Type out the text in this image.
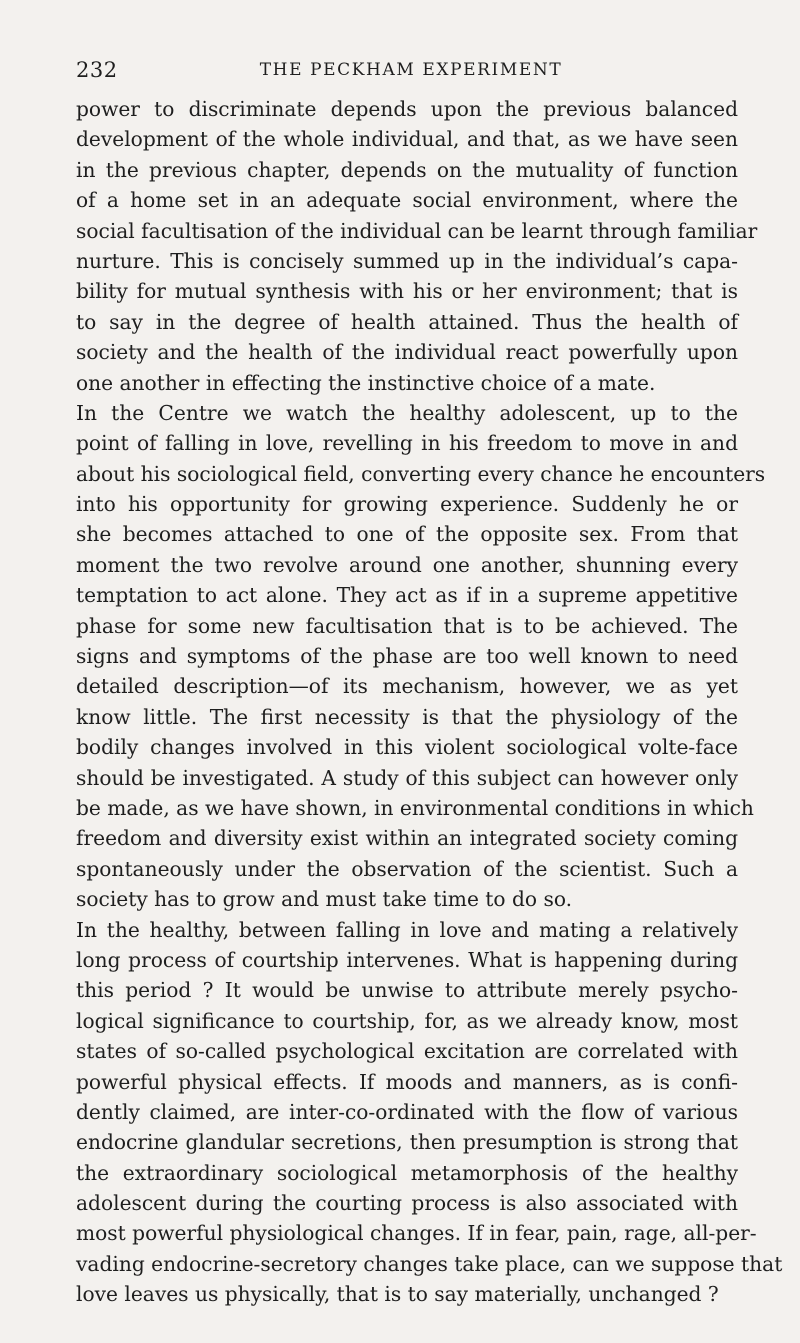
232	THE PECKHAM EXPERIMENT
power to discriminate depends upon the previous balanced
development of the whole individual, and that, as we have seen
in the previous chapter, depends on the mutuality of function
of a home set in an adequate social environment, where the
social facultisation of the individual can be learnt through familiar
nurture. This is concisely summed up in the individual’s capa-
bility for mutual synthesis with his or her environment; that is
to say in the degree of health attained. Thus the health of
society and the health of the individual react powerfully upon
one another in effecting the instinctive choice of a mate.
In the Centre we watch the healthy adolescent, up to the
point of falling in love, revelling in his freedom to move in and
about his sociological field, converting every chance he encounters
into his opportunity for growing experience. Suddenly he or
she becomes attached to one of the opposite sex. From that
moment the two revolve around one another, shunning every
temptation to act alone. They act as if in a supreme appetitive
phase for some new facultisation that is to be achieved. The
signs and symptoms of the phase are too well known to need
detailed description—of its mechanism, however, we as yet
know little. The first necessity is that the physiology of the
bodily changes involved in this violent sociological volte-face
should be investigated. A study of this subject can however only
be made, as we have shown, in environmental conditions in which
freedom and diversity exist within an integrated society coming
spontaneously under the observation of the scientist. Such a
society has to grow and must take time to do so.
In the healthy, between falling in love and mating a relatively
long process of courtship intervenes. What is happening during
this period ? It would be unwise to attribute merely psycho-
logical significance to courtship, for, as we already know, most
states of so-called psychological excitation are correlated with
powerful physical effects. If moods and manners, as is confi-
dently claimed, are inter-co-ordinated with the flow of various
endocrine glandular secretions, then presumption is strong that
the extraordinary sociological metamorphosis of the healthy
adolescent during the courting process is also associated with
most powerful physiological changes. If in fear, pain, rage, all-per-
vading endocrine-secretory changes take place, can we suppose that
love leaves us physically, that is to say materially, unchanged ?
